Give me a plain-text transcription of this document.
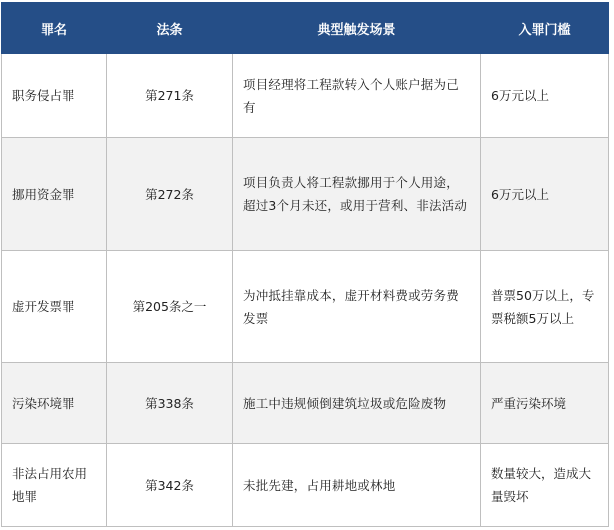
罪名	法条	典型触发场景	入罪门槛
职务侵占罪	第271条	项目经理将工程款转入个人账户据为己有	6万元以上
挪用资金罪	第272条	项目负责人将工程款挪用于个人用途，超过3个月未还，或用于营利、非法活动	6万元以上
虚开发票罪	第205条之一	为冲抵挂靠成本，虚开材料费或劳务费发票	普票50万以上，专票税额5万以上
污染环境罪	第338条	施工中违规倾倒建筑垃圾或危险废物	严重污染环境
非法占用农用地罪	第342条	未批先建，占用耕地或林地	数量较大，造成大量毁坏
